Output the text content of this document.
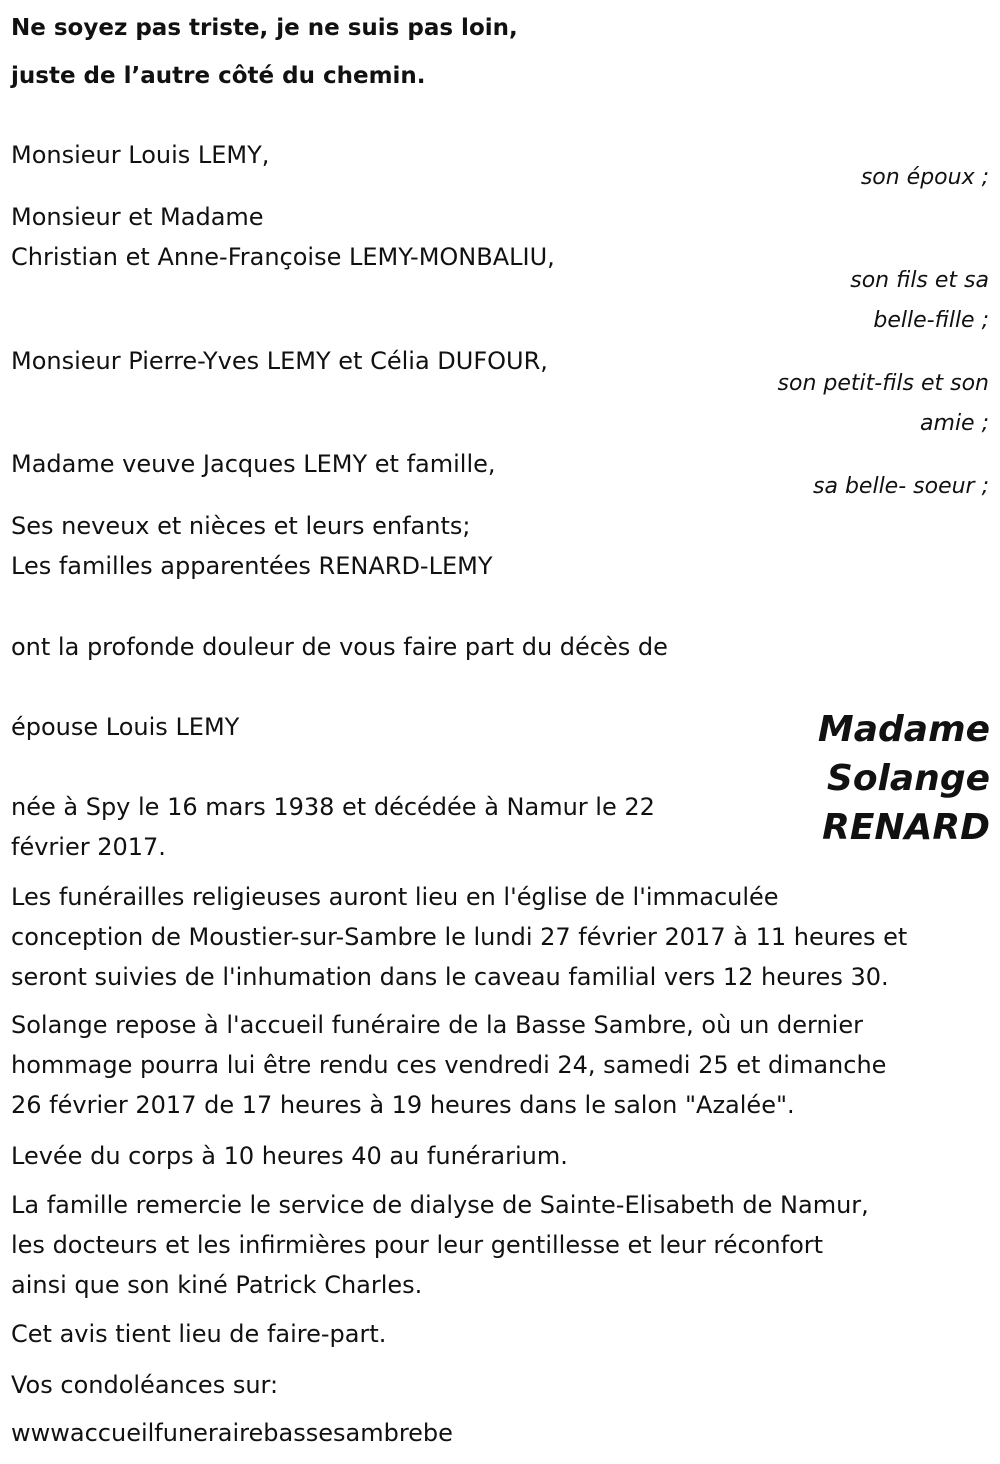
Ne soyez pas triste, je ne suis pas loin,

juste de l’autre côté du chemin.

Monsieur Louis LEMY,

son époux ;

Monsieur et Madame

Christian et Anne-Françoise LEMY-MONBALIU,

son fils et sa

belle-fille ;

Monsieur Pierre-Yves LEMY et Célia DUFOUR,

son petit-fils et son

amie ;

Madame veuve Jacques LEMY et famille,

sa belle- soeur ;

Ses neveux et nièces et leurs enfants;

Les familles apparentées RENARD-LEMY

ont la profonde douleur de vous faire part du décès de

Madame
Solange
RENARD

épouse Louis LEMY

née à Spy le 16 mars 1938 et décédée à Namur le 22

février 2017.

Les funérailles religieuses auront lieu en l'église de l'immaculée
conception de Moustier-sur-Sambre le lundi 27 février 2017 à 11 heures et
seront suivies de l'inhumation dans le caveau familial vers 12 heures 30.
Solange repose à l'accueil funéraire de la Basse Sambre, où un dernier
hommage pourra lui être rendu ces vendredi 24, samedi 25 et dimanche
26 février 2017 de 17 heures à 19 heures dans le salon "Azalée".

Levée du corps à 10 heures 40 au funérarium.

La famille remercie le service de dialyse de Sainte-Elisabeth de Namur,
les docteurs et les infirmières pour leur gentillesse et leur réconfort
ainsi que son kiné Patrick Charles.

Cet avis tient lieu de faire-part.

Vos condoléances sur:

wwwaccueilfunerairebassesambrebe
